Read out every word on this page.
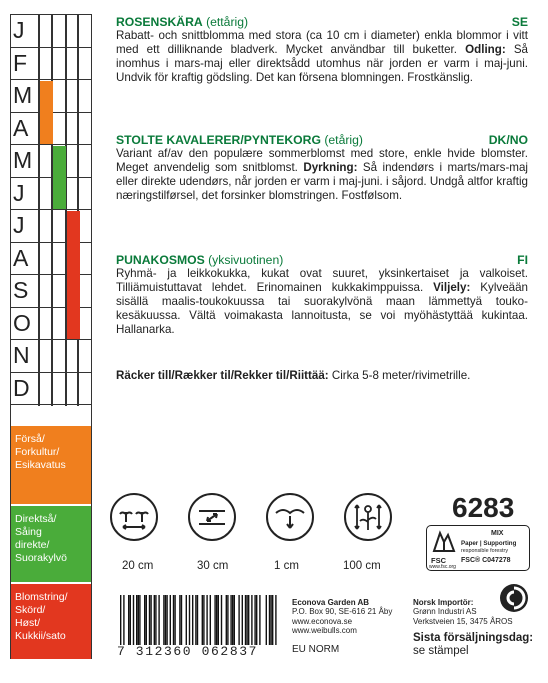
J
F
M
A
M
J
J
A
S
O
N
D
Förså/
Forkultur/
Esikavatus
Direktså/
Såing
direkte/
Suorakylvö
Blomstring/
Skörd/
Høst/
Kukkii/sato
ROSENSKÄRA (ettårig)	SE
Rabatt- och snittblomma med stora (ca 10 cm i diameter) enkla blommor i vitt med ett dilliknande bladverk. Mycket användbar till buketter. Odling: Så inomhus i mars-maj eller direktsådd utomhus när jorden er varm i maj-juni. Undvik för kraftig gödsling. Det kan försena blomningen. Frostkänslig.
STOLTE KAVALERER/PYNTEKORG (etårig)	DK/NO
Variant af/av den populære sommerblomst med store, enkle hvide blomster. Meget anvendelig som snitblomst. Dyrkning: Så indendørs i marts/mars-maj eller direkte udendørs, når jorden er varm i maj-juni. i såjord. Undgå altfor kraftig næringstilførsel, det forsinker blomstringen. Fostfølsom.
PUNAKOSMOS (yksivuotinen)	FI
Ryhmä- ja leikkokukka, kukat ovat suuret, yksinkertaiset ja valkoiset. Tilliämuistuttavat lehdet. Erinomainen kukkakimppuissa. Viljely: Kylveään sisällä maalis-toukokuussa tai suorakylvönä maan lämmettyä touko-kesäkuussa. Vältä voimakasta lannoitusta, se voi myöhästyttää kukintaa. Hallanarka.
Räcker till/Rækker til/Rekker til/Riittää: Cirka 5-8 meter/rivimetrille.
20 cm	30 cm	1 cm	100 cm
6283
FSC
www.fsc.org
MIX
Paper | Supporting
responsible forestry
FSC® C047278
7 312360 062837
Econova Garden AB
P.O. Box 90, SE-616 21 Åby
www.econova.se
www.weibulls.com
EU NORM
Norsk Importör:
Grønn Industri AS
Verkstveien 15, 3475 ÅROS
Sista försäljningsdag:
se stämpel
